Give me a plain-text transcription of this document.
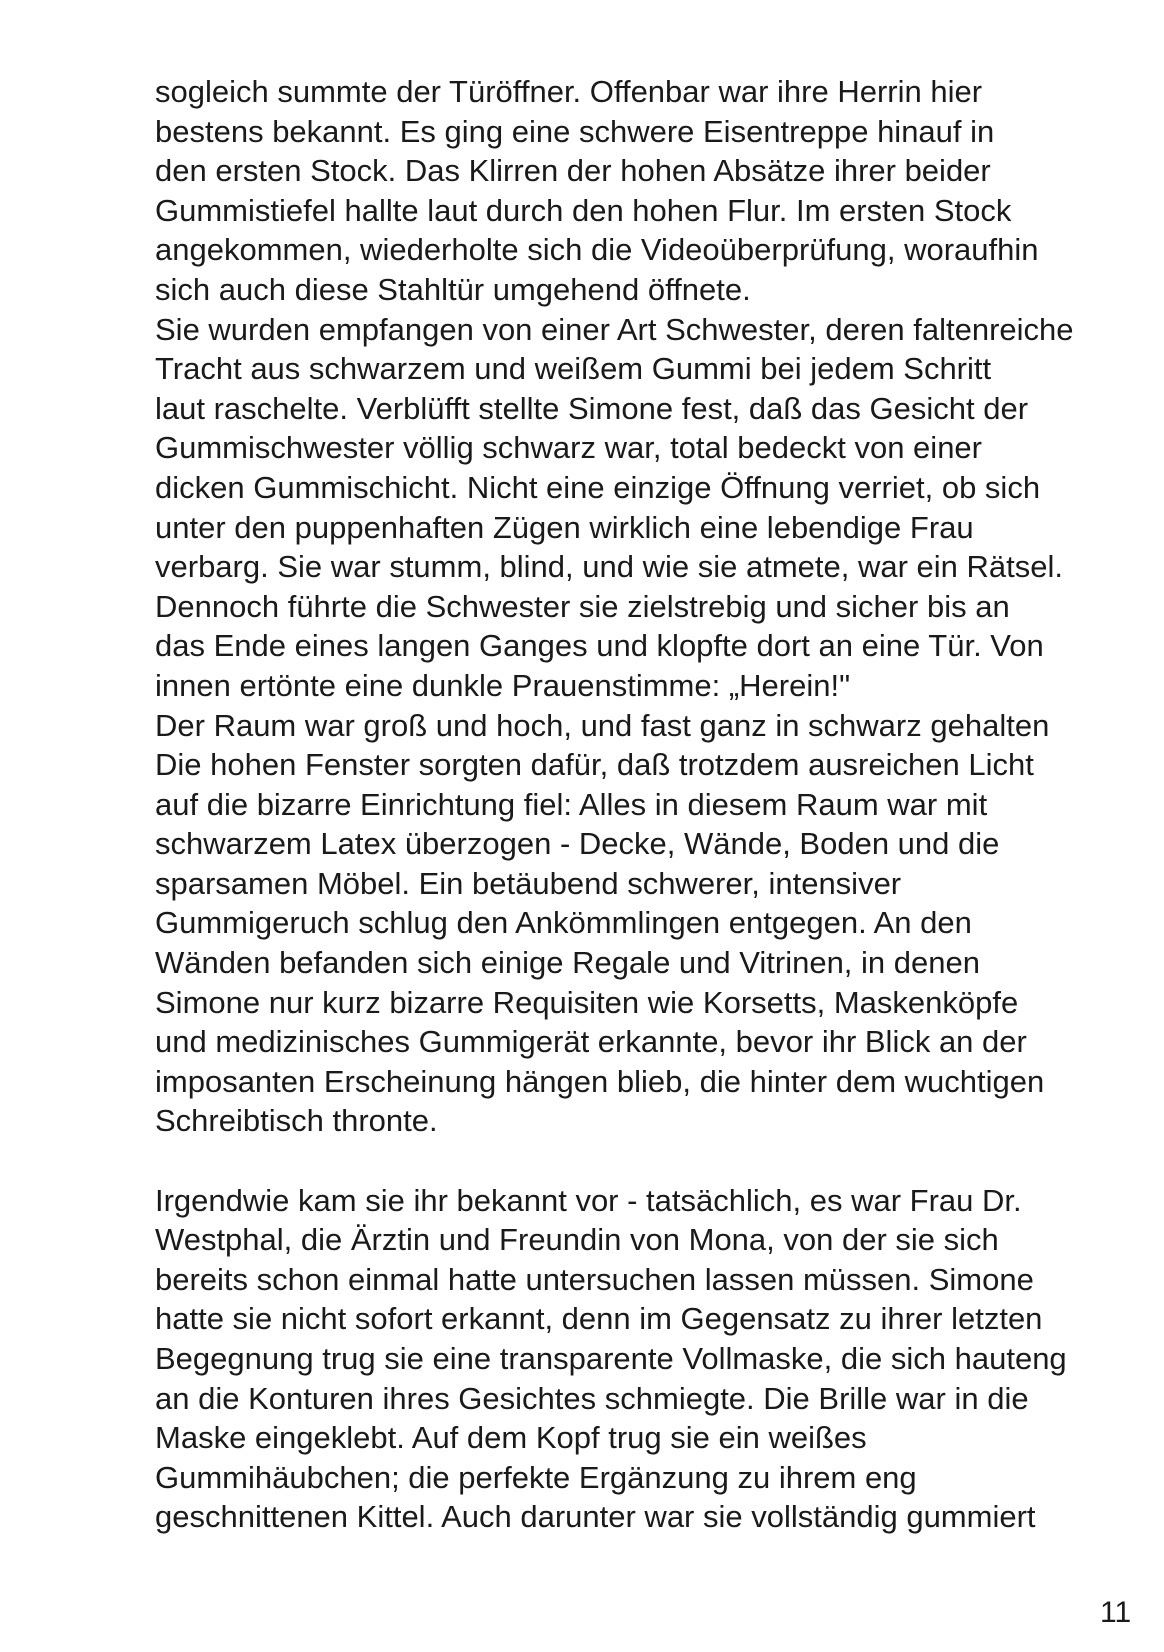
sogleich summte der Türöffner. Offenbar war ihre Herrin hier
bestens bekannt. Es ging eine schwere Eisentreppe hinauf in
den ersten Stock. Das Klirren der hohen Absätze ihrer beider
Gummistiefel hallte laut durch den hohen Flur. Im ersten Stock
angekommen, wiederholte sich die Videoüberprüfung, woraufhin
sich auch diese Stahltür umgehend öffnete.
Sie wurden empfangen von einer Art Schwester, deren faltenreiche
Tracht aus schwarzem und weißem Gummi bei jedem Schritt
laut raschelte. Verblüfft stellte Simone fest, daß das Gesicht der
Gummischwester völlig schwarz war, total bedeckt von einer
dicken Gummischicht. Nicht eine einzige Öffnung verriet, ob sich
unter den puppenhaften Zügen wirklich eine lebendige Frau
verbarg. Sie war stumm, blind, und wie sie atmete, war ein Rätsel.
Dennoch führte die Schwester sie zielstrebig und sicher bis an
das Ende eines langen Ganges und klopfte dort an eine Tür. Von
innen ertönte eine dunkle Prauenstimme: „Herein!"
Der Raum war groß und hoch, und fast ganz in schwarz gehalten
Die hohen Fenster sorgten dafür, daß trotzdem ausreichen Licht
auf die bizarre Einrichtung fiel: Alles in diesem Raum war mit
schwarzem Latex überzogen - Decke, Wände, Boden und die
sparsamen Möbel. Ein betäubend schwerer, intensiver
Gummigeruch schlug den Ankömmlingen entgegen. An den
Wänden befanden sich einige Regale und Vitrinen, in denen
Simone nur kurz bizarre Requisiten wie Korsetts, Maskenköpfe
und medizinisches Gummigerät erkannte, bevor ihr Blick an der
imposanten Erscheinung hängen blieb, die hinter dem wuchtigen
Schreibtisch thronte.
Irgendwie kam sie ihr bekannt vor - tatsächlich, es war Frau Dr.
Westphal, die Ärztin und Freundin von Mona, von der sie sich
bereits schon einmal hatte untersuchen lassen müssen. Simone
hatte sie nicht sofort erkannt, denn im Gegensatz zu ihrer letzten
Begegnung trug sie eine transparente Vollmaske, die sich hauteng
an die Konturen ihres Gesichtes schmiegte. Die Brille war in die
Maske eingeklebt. Auf dem Kopf trug sie ein weißes
Gummihäubchen; die perfekte Ergänzung zu ihrem eng
geschnittenen Kittel. Auch darunter war sie vollständig gummiert
11
